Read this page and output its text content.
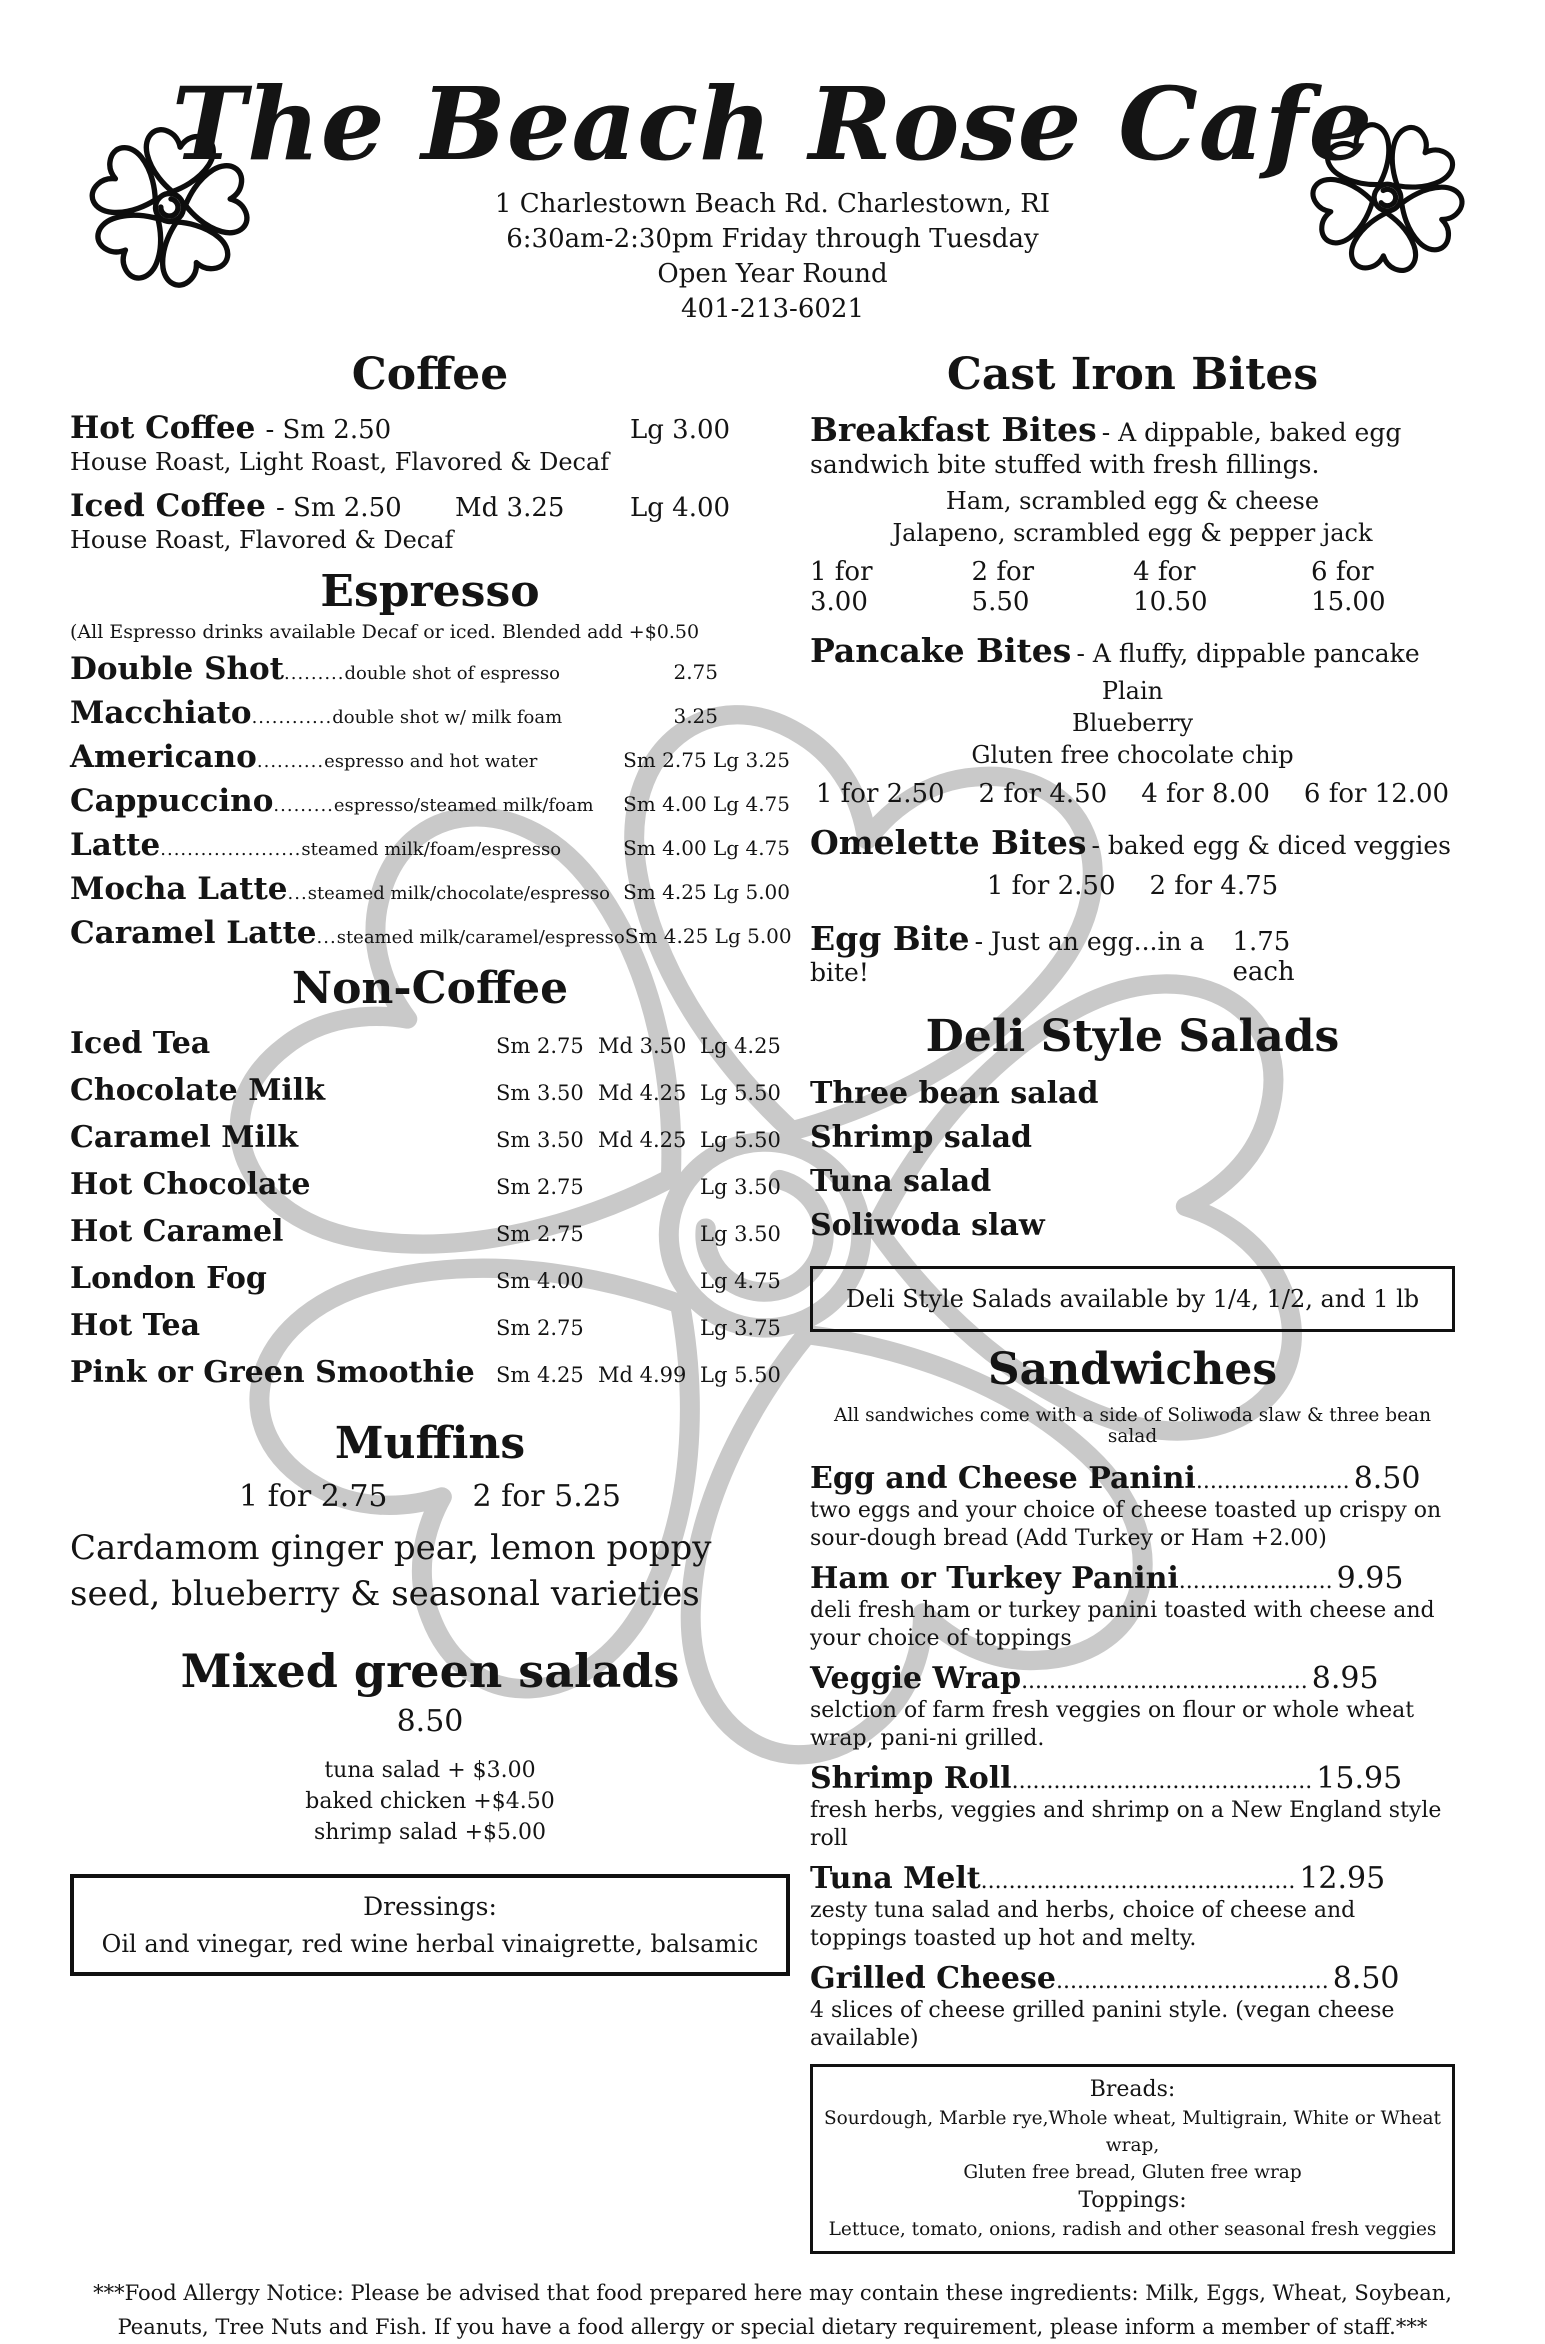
The Beach Rose Cafe
1 Charlestown Beach Rd. Charlestown, RI
6:30am-2:30pm Friday through Tuesday
Open Year Round
401-213-6021
Coffee
Hot Coffee - Sm 2.50	Lg 3.00
House Roast, Light Roast, Flavored & Decaf
Iced Coffee - Sm 2.50	Md 3.25	Lg 4.00
House Roast, Flavored & Decaf
Espresso
(All Espresso drinks available Decaf or iced. Blended add +$0.50
Double Shot.........double shot of espresso	2.75
Macchiato............double shot w/ milk foam	3.25
Americano..........espresso and hot water	Sm 2.75 Lg 3.25
Cappuccino.........espresso/steamed milk/foam Sm 4.00 Lg 4.75
Latte.....................steamed milk/foam/espresso	Sm 4.00 Lg 4.75
Mocha Latte...steamed milk/chocolate/espresso Sm 4.25 Lg 5.00
Caramel Latte...steamed milk/caramel/espresso Sm 4.25 Lg 5.00
Non-Coffee
Iced Tea	Sm 2.75 Md 3.50 Lg 4.25
Chocolate Milk	Sm 3.50 Md 4.25 Lg 5.50
Caramel Milk	Sm 3.50 Md 4.25 Lg 5.50
Hot Chocolate	Sm 2.75	Lg 3.50
Hot Caramel	Sm 2.75	Lg 3.50
London Fog	Sm 4.00	Lg 4.75
Hot Tea	Sm 2.75	Lg 3.75
Pink or Green Smoothie Sm 4.25 Md 4.99 Lg 5.50
Muffins
1 for 2.75	2 for 5.25
Cardamom ginger pear, lemon poppy
seed, blueberry & seasonal varieties
Mixed green salads
8.50
tuna salad + $3.00
baked chicken +$4.50
shrimp salad +$5.00
Dressings:
Oil and vinegar, red wine herbal vinaigrette, balsamic
Cast Iron Bites

Breakfast Bites - A dippable, baked egg sandwich bite stuffed with fresh fillings.

Ham, scrambled egg & cheese
Jalapeno, scrambled egg & pepper jack
1 for 3.00
2 for 5.50
4 for 10.50
6 for 15.00

Pancake Bites - A fluffy, dippable pancake

Plain
Blueberry
Gluten free chocolate chip
1 for 2.50 2 for 4.50 4 for 8.00 6 for 12.00

Omelette Bites - baked egg & diced veggies

1 for 2.50 2 for 4.75
Egg Bite - Just an egg...in a bite!
1.75 each
Deli Style Salads
Three bean salad
Shrimp salad
Tuna salad
Soliwoda slaw
Deli Style Salads available by 1/4, 1/2, and 1 lb
Sandwiches
All sandwiches come with a side of Soliwoda slaw & three bean salad
Egg and Cheese Panini ...................... 8.50
two eggs and your choice of cheese toasted up crispy on sour-dough bread (Add Turkey or Ham +2.00)
Ham or Turkey Panini ...................... 9.95
deli fresh ham or turkey panini toasted with cheese and your choice of toppings
Veggie Wrap ......................................... 8.95
selction of farm fresh veggies on flour or whole wheat wrap, pani-ni grilled.
Shrimp Roll ........................................... 15.95
fresh herbs, veggies and shrimp on a New England style roll
Tuna Melt ............................................. 12.95
zesty tuna salad and herbs, choice of cheese and toppings toasted up hot and melty.
Grilled Cheese ....................................... 8.50
4 slices of cheese grilled panini style. (vegan cheese available)
Breads:
Sourdough, Marble rye,Whole wheat, Multigrain, White or Wheat wrap,
Gluten free bread, Gluten free wrap
Toppings:
Lettuce, tomato, onions, radish and other seasonal fresh veggies
***Food Allergy Notice: Please be advised that food prepared here may contain these ingredients: Milk, Eggs, Wheat, Soybean, Peanuts, Tree Nuts and Fish. If you have a food allergy or special dietary requirement, please inform a member of staff.***
